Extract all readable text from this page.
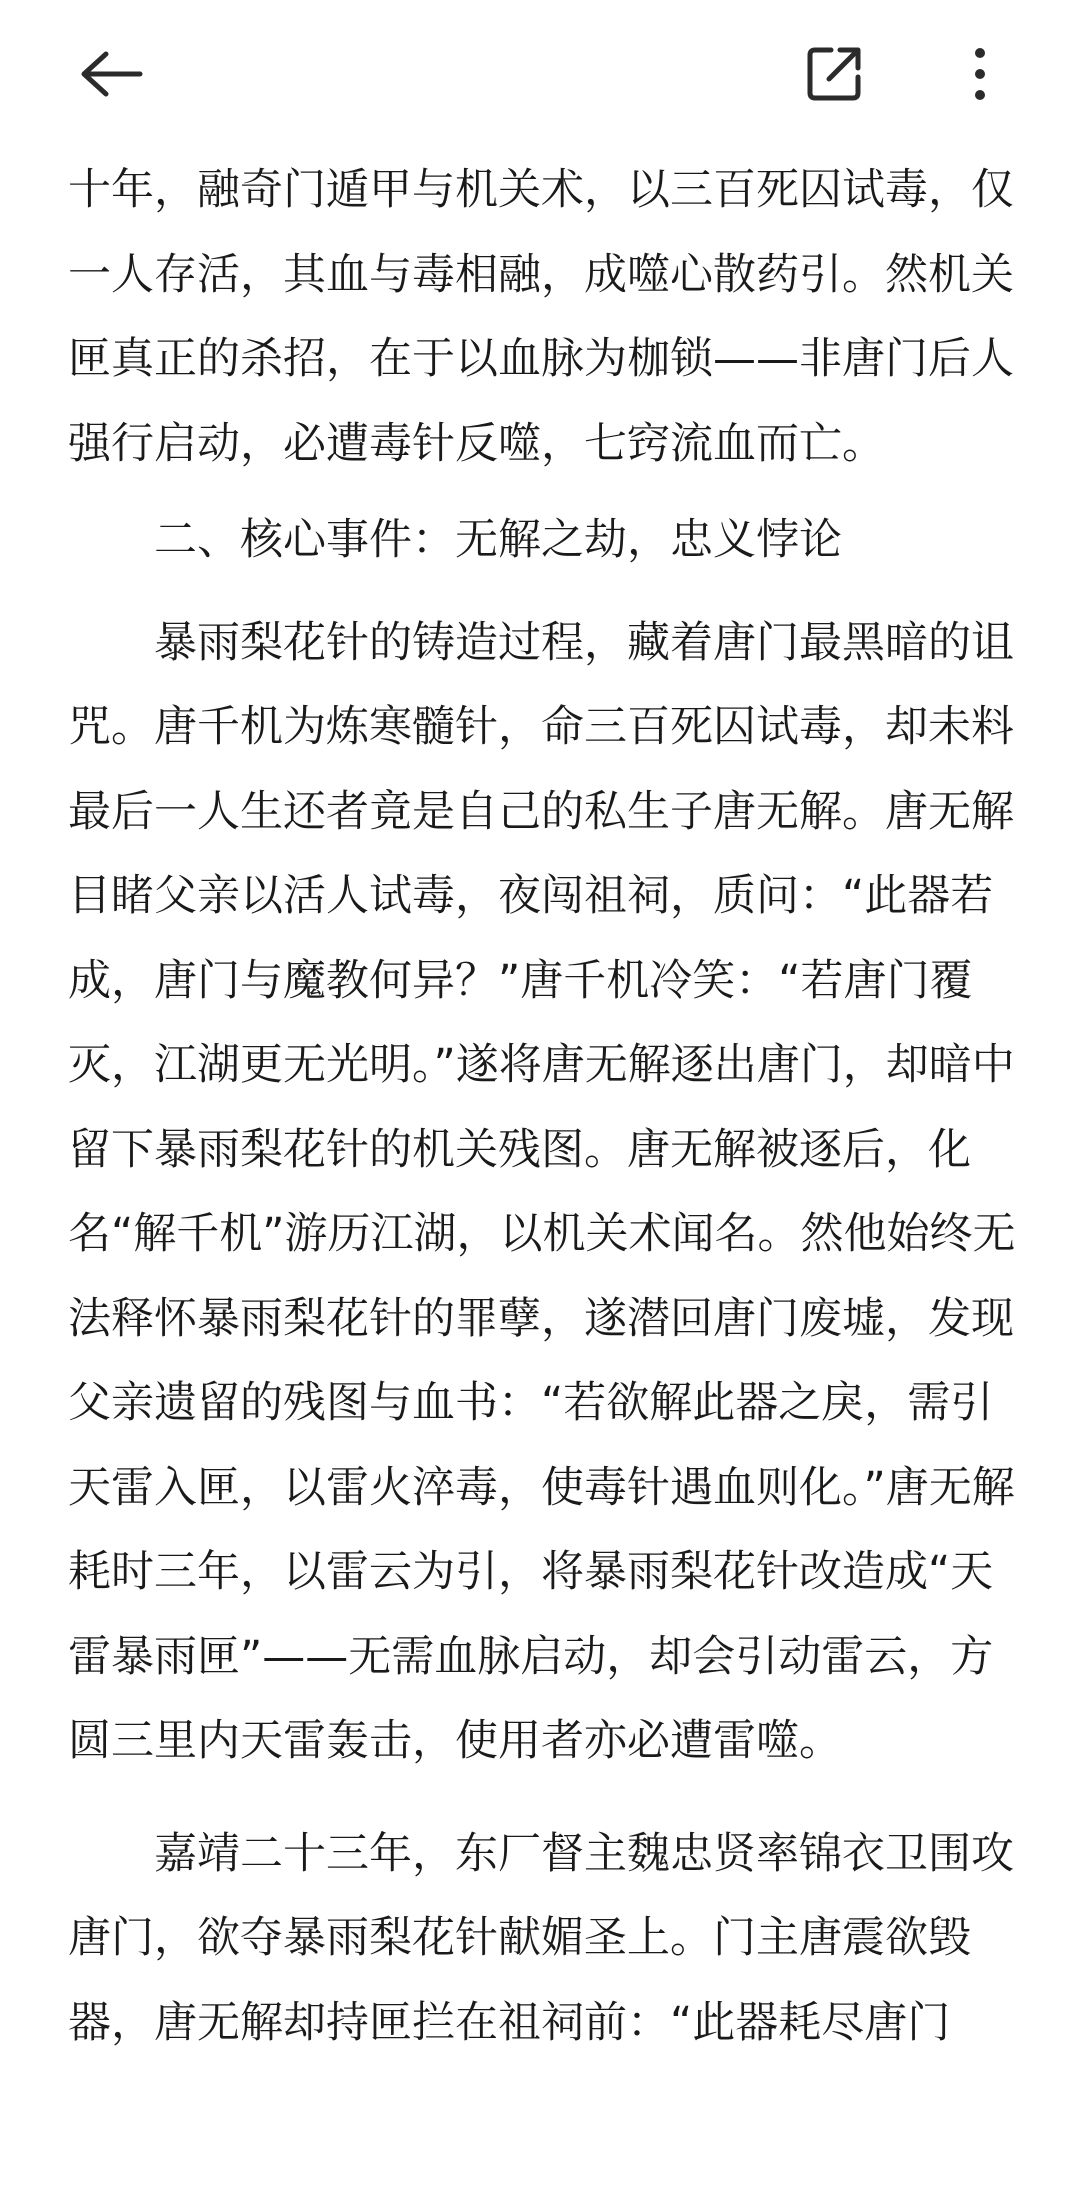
十年，融奇门遁甲与机关术，以三百死囚试毒，仅一人存活，其血与毒相融，成噬心散药引。然机关匣真正的杀招，在于以血脉为枷锁——非唐门后人强行启动，必遭毒针反噬，七窍流血而亡。

二、核心事件：无解之劫，忠义悖论

暴雨梨花针的铸造过程，藏着唐门最黑暗的诅咒。唐千机为炼寒髓针，命三百死囚试毒，却未料最后一人生还者竟是自己的私生子唐无解。唐无解目睹父亲以活人试毒，夜闯祖祠，质问：“此器若成，唐门与魔教何异？”唐千机冷笑：“若唐门覆灭，江湖更无光明。”遂将唐无解逐出唐门，却暗中留下暴雨梨花针的机关残图。唐无解被逐后，化名“解千机”游历江湖，以机关术闻名。然他始终无法释怀暴雨梨花针的罪孽，遂潜回唐门废墟，发现父亲遗留的残图与血书：“若欲解此器之戾，需引天雷入匣，以雷火淬毒，使毒针遇血则化。”唐无解耗时三年，以雷云为引，将暴雨梨花针改造成“天雷暴雨匣”——无需血脉启动，却会引动雷云，方圆三里内天雷轰击，使用者亦必遭雷噬。

嘉靖二十三年，东厂督主魏忠贤率锦衣卫围攻唐门，欲夺暴雨梨花针献媚圣上。门主唐震欲毁器，唐无解却持匣拦在祖祠前：“此器耗尽唐门
